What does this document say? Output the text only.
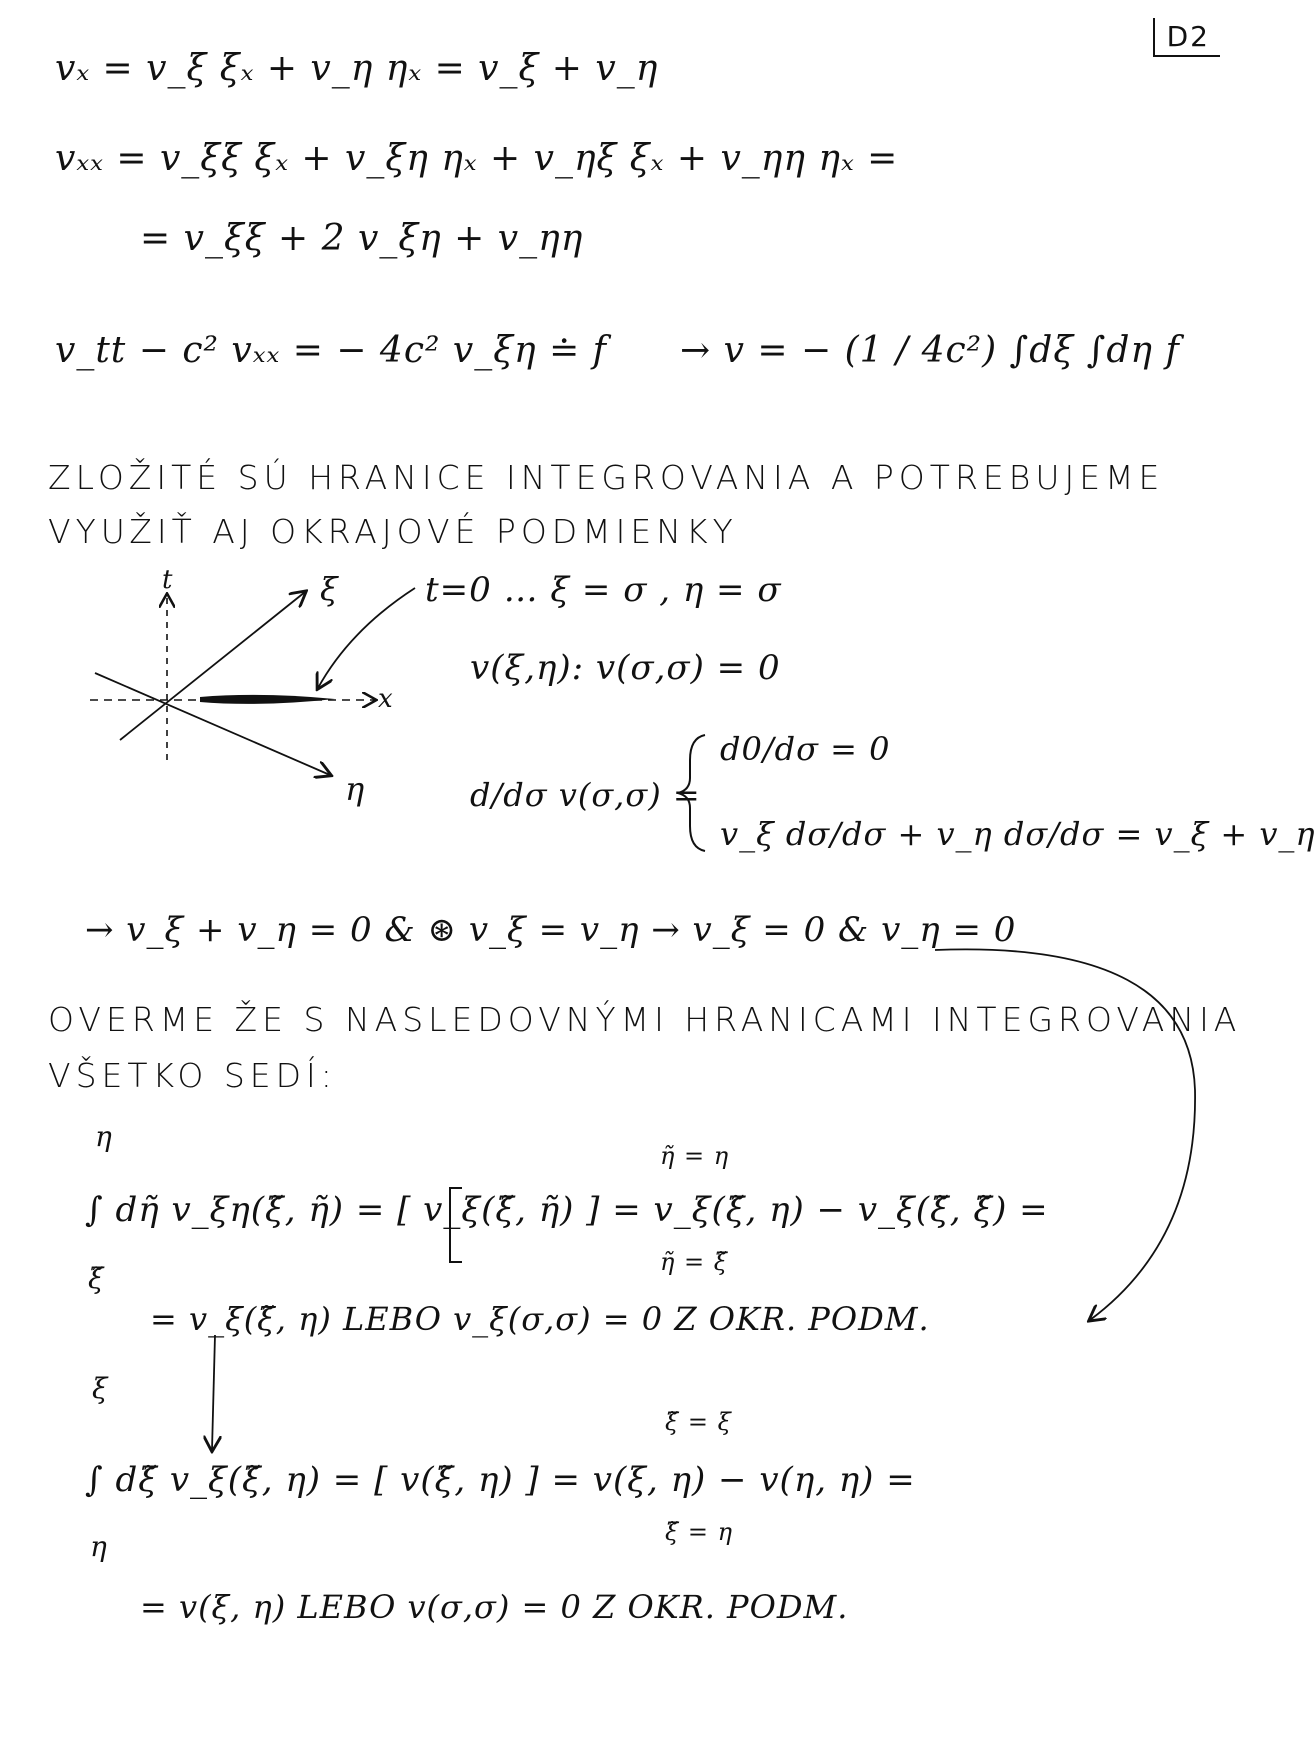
D2
vₓ = v_ξ ξₓ + v_η ηₓ = v_ξ + v_η
vₓₓ = v_ξξ ξₓ + v_ξη ηₓ + v_ηξ ξₓ + v_ηη ηₓ =
= v_ξξ + 2 v_ξη + v_ηη
v_tt − c² vₓₓ = − 4c² v_ξη ≐ f → v = − (1 / 4c²) ∫dξ ∫dη f
ZLOŽITÉ SÚ HRANICE INTEGROVANIA A POTREBUJEME
VYUŽIŤ AJ OKRAJOVÉ PODMIENKY
t
x
ξ
η
t=0 … ξ = σ , η = σ
v(ξ,η): v(σ,σ) = 0
d/dσ v(σ,σ) =
d0/dσ = 0
v_ξ dσ/dσ + v_η dσ/dσ = v_ξ + v_η
→ v_ξ + v_η = 0 & ⊛ v_ξ = v_η → v_ξ = 0 & v_η = 0
OVERME ŽE S NASLEDOVNÝMI HRANICAMI INTEGROVANIA
VŠETKO SEDÍ:
η
ξ̃
∫ dη̃ v_ξη(ξ̃, η̃) = [ v_ξ(ξ̃, η̃) ] = v_ξ(ξ̃, η) − v_ξ(ξ̃, ξ̃) =
η̃ = η
η̃ = ξ̃
= v_ξ(ξ̃, η) LEBO v_ξ(σ,σ) = 0 Z OKR. PODM.
ξ
η
∫ dξ̃ v_ξ(ξ̃, η) = [ v(ξ̃, η) ] = v(ξ, η) − v(η, η) =
ξ̃ = ξ
ξ̃ = η
= v(ξ, η) LEBO v(σ,σ) = 0 Z OKR. PODM.
